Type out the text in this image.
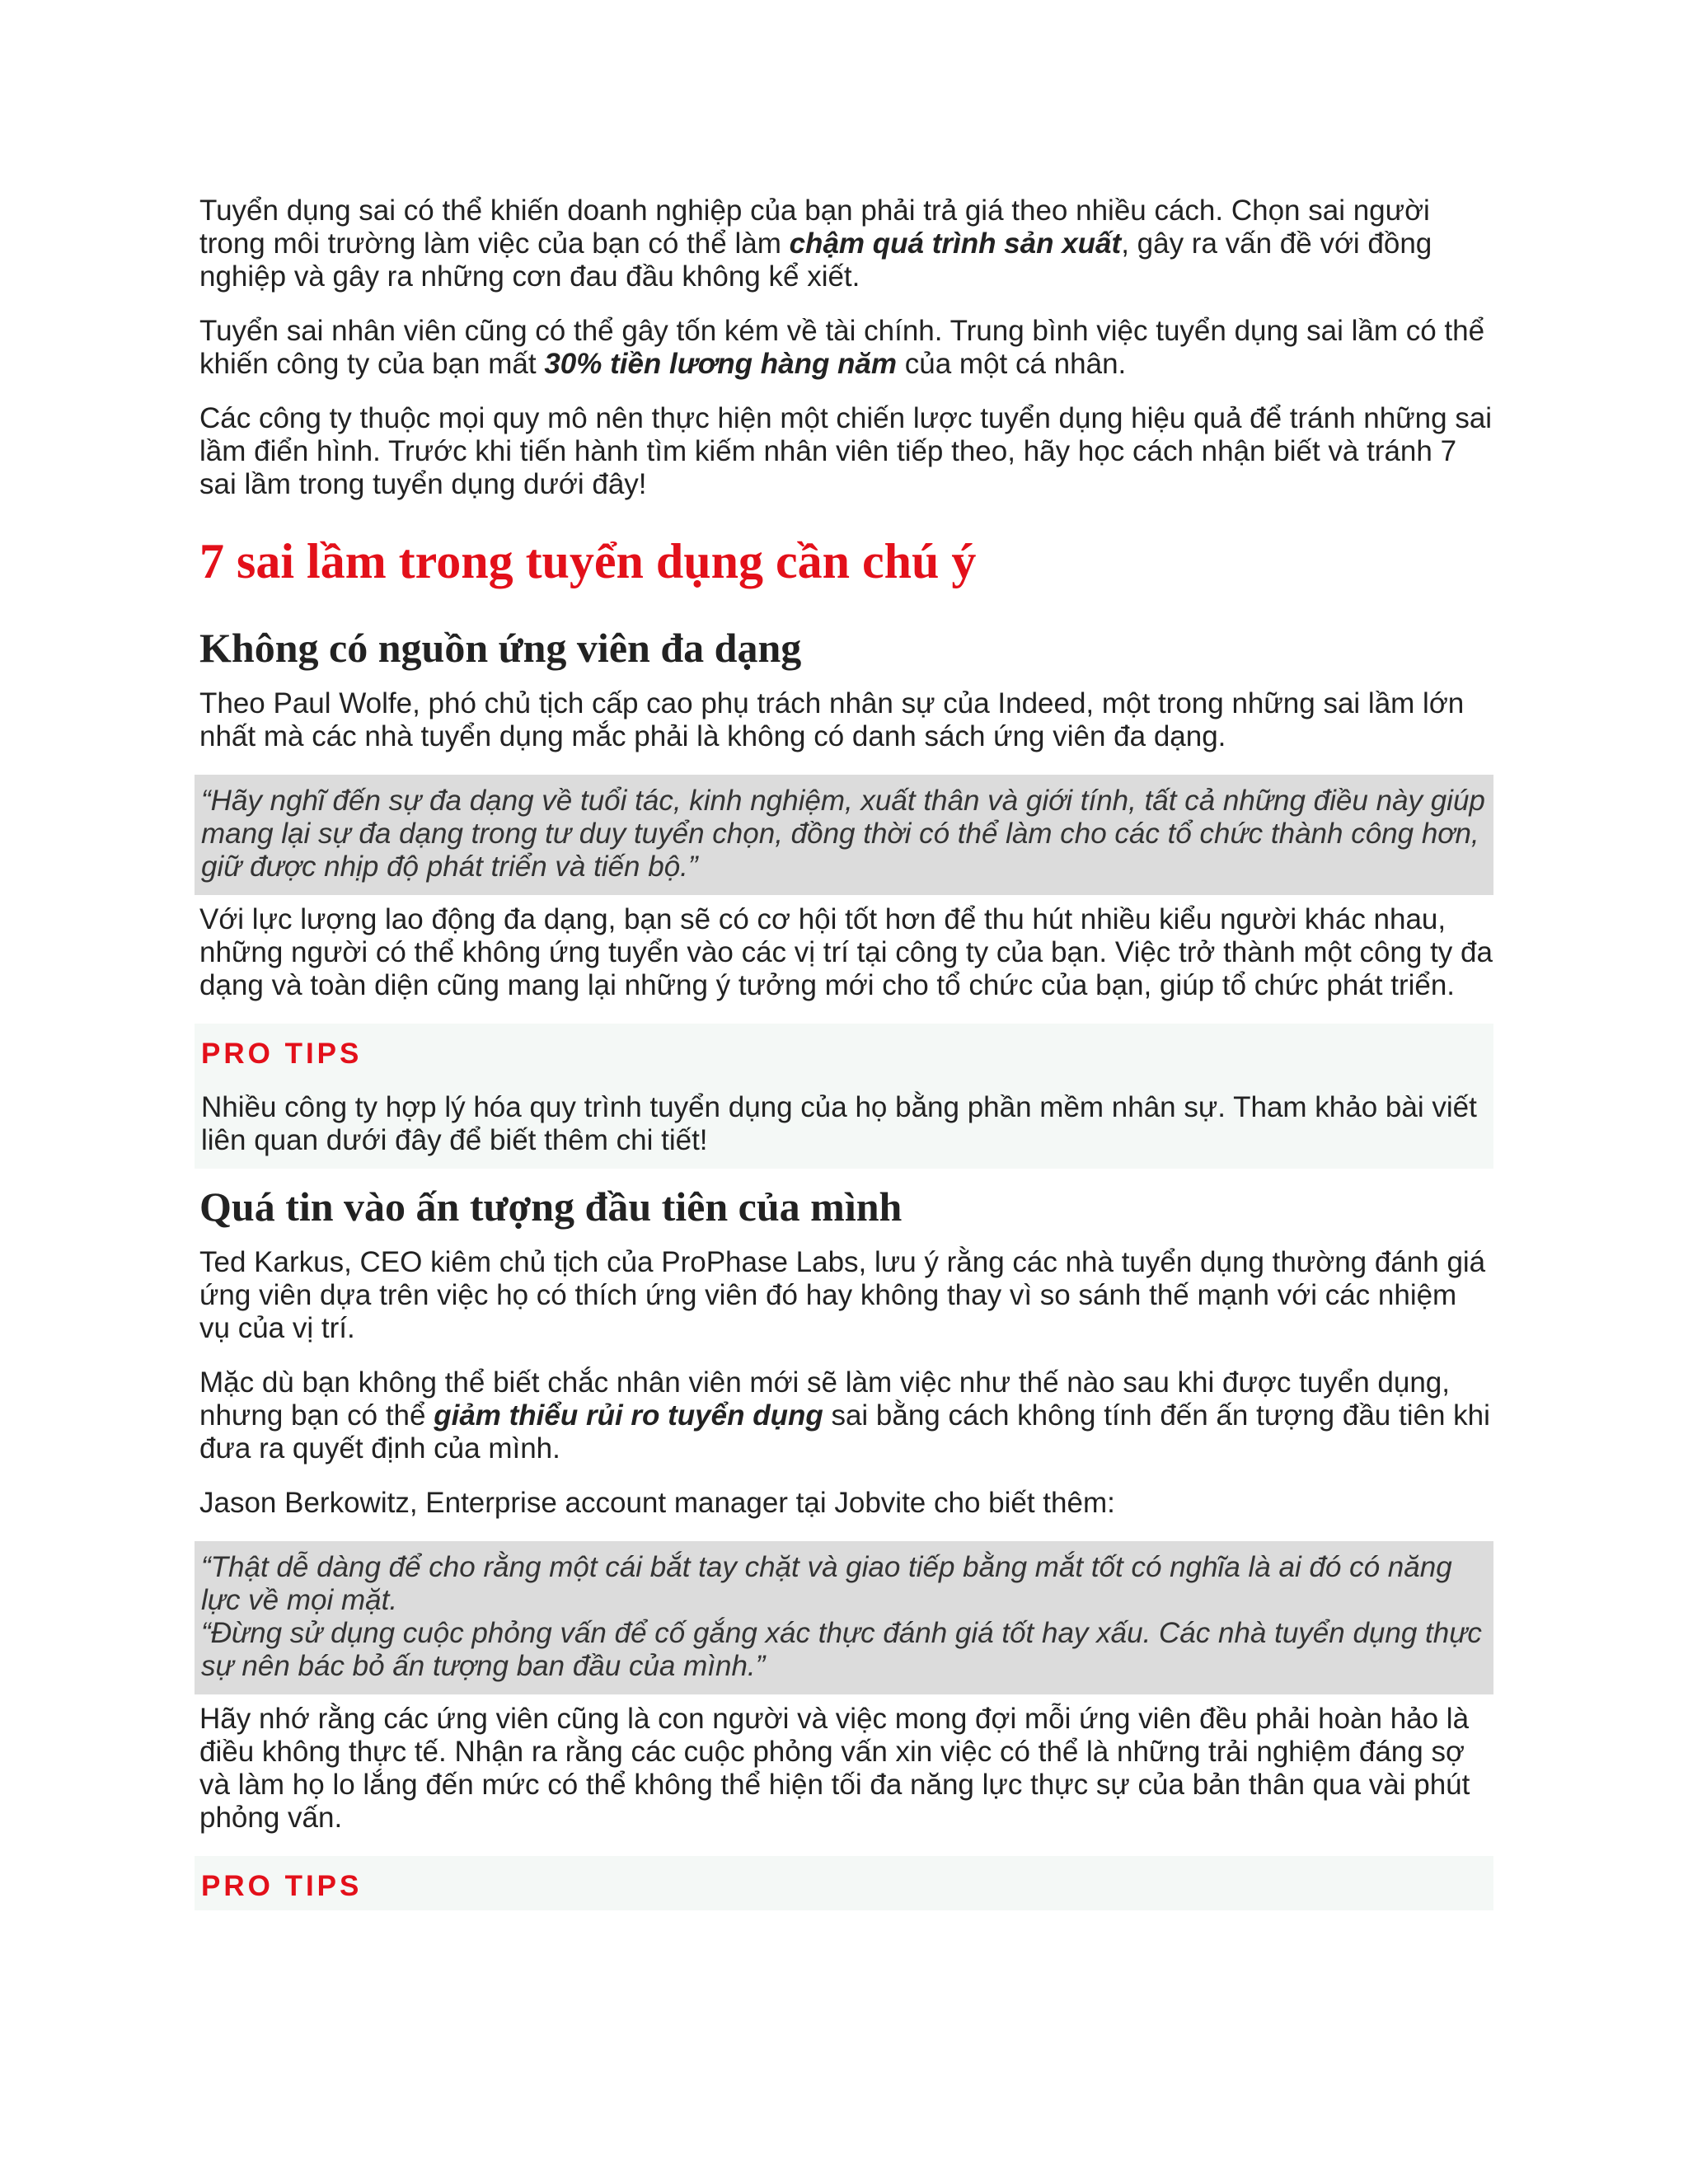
Tuyển dụng sai có thể khiến doanh nghiệp của bạn phải trả giá theo nhiều cách. Chọn sai người trong môi trường làm việc của bạn có thể làm chậm quá trình sản xuất, gây ra vấn đề với đồng nghiệp và gây ra những cơn đau đầu không kể xiết.

Tuyển sai nhân viên cũng có thể gây tốn kém về tài chính. Trung bình việc tuyển dụng sai lầm có thể khiến công ty của bạn mất 30% tiền lương hàng năm của một cá nhân.

Các công ty thuộc mọi quy mô nên thực hiện một chiến lược tuyển dụng hiệu quả để tránh những sai lầm điển hình. Trước khi tiến hành tìm kiếm nhân viên tiếp theo, hãy học cách nhận biết và tránh 7 sai lầm trong tuyển dụng dưới đây!

7 sai lầm trong tuyển dụng cần chú ý
Không có nguồn ứng viên đa dạng

Theo Paul Wolfe, phó chủ tịch cấp cao phụ trách nhân sự của Indeed, một trong những sai lầm lớn nhất mà các nhà tuyển dụng mắc phải là không có danh sách ứng viên đa dạng.

“Hãy nghĩ đến sự đa dạng về tuổi tác, kinh nghiệm, xuất thân và giới tính, tất cả những điều này giúp mang lại sự đa dạng trong tư duy tuyển chọn, đồng thời có thể làm cho các tổ chức thành công hơn, giữ được nhịp độ phát triển và tiến bộ.”

Với lực lượng lao động đa dạng, bạn sẽ có cơ hội tốt hơn để thu hút nhiều kiểu người khác nhau, những người có thể không ứng tuyển vào các vị trí tại công ty của bạn. Việc trở thành một công ty đa dạng và toàn diện cũng mang lại những ý tưởng mới cho tổ chức của bạn, giúp tổ chức phát triển.

PRO TIPS

Nhiều công ty hợp lý hóa quy trình tuyển dụng của họ bằng phần mềm nhân sự. Tham khảo bài viết liên quan dưới đây để biết thêm chi tiết!

Quá tin vào ấn tượng đầu tiên của mình

Ted Karkus, CEO kiêm chủ tịch của ProPhase Labs, lưu ý rằng các nhà tuyển dụng thường đánh giá ứng viên dựa trên việc họ có thích ứng viên đó hay không thay vì so sánh thế mạnh với các nhiệm vụ của vị trí.

Mặc dù bạn không thể biết chắc nhân viên mới sẽ làm việc như thế nào sau khi được tuyển dụng, nhưng bạn có thể giảm thiểu rủi ro tuyển dụng sai bằng cách không tính đến ấn tượng đầu tiên khi đưa ra quyết định của mình.

Jason Berkowitz, Enterprise account manager tại Jobvite cho biết thêm:

“Thật dễ dàng để cho rằng một cái bắt tay chặt và giao tiếp bằng mắt tốt có nghĩa là ai đó có năng lực về mọi mặt.
“Đừng sử dụng cuộc phỏng vấn để cố gắng xác thực đánh giá tốt hay xấu. Các nhà tuyển dụng thực sự nên bác bỏ ấn tượng ban đầu của mình.”

Hãy nhớ rằng các ứng viên cũng là con người và việc mong đợi mỗi ứng viên đều phải hoàn hảo là điều không thực tế. Nhận ra rằng các cuộc phỏng vấn xin việc có thể là những trải nghiệm đáng sợ và làm họ lo lắng đến mức có thể không thể hiện tối đa năng lực thực sự của bản thân qua vài phút phỏng vấn.

PRO TIPS
